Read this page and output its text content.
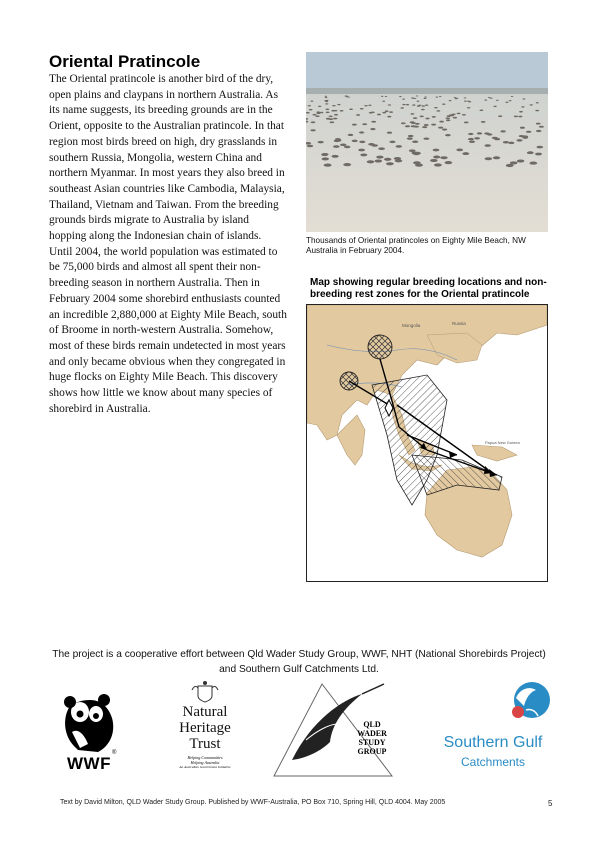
Oriental Pratincole

The Oriental pratincole is another bird of the dry,

open plains and claypans in northern Australia. As

its name suggests, its breeding grounds are in the

Orient, opposite to the Australian pratincole. In that

region most birds breed on high, dry grasslands in

southern Russia, Mongolia, western China and

northern Myanmar. In most years they also breed in

southeast Asian countries like Cambodia, Malaysia,

Thailand, Vietnam and Taiwan. From the breeding

grounds birds migrate to Australia by island

hopping along the Indonesian chain of islands.

Until 2004, the world population was estimated to

be 75,000 birds and almost all spent their non-

breeding season in northern Australia. Then in

February 2004 some shorebird enthusiasts counted

an incredible 2,880,000 at Eighty Mile Beach, south

of Broome in north-western Australia. Somehow,

most of these birds remain undetected in most years

and only became obvious when they congregated in

huge flocks on Eighty Mile Beach. This discovery

shows how little we know about many species of

shorebird in Australia.

Thousands of Oriental pratincoles on Eighty Mile Beach, NW Australia in February 2004.
Map showing regular breeding locations and non-
breeding rest zones for the Oriental pratincole
Russia
Mongolia
Papua New Guinea
The project is a cooperative effort between Qld Wader Study Group, WWF, NHT (National Shorebirds Project)
and Southern Gulf Catchments Ltd.
WWF
®
Natural
Heritage
Trust
Helping Communities
Helping Australia
An Australian Government Initiative
QLD
WADER
STUDY
GROUP
Southern Gulf
Catchments
Text by David Milton, QLD Wader Study Group. Published by WWF-Australia, PO Box 710, Spring Hill, QLD 4004. May 2005	5
